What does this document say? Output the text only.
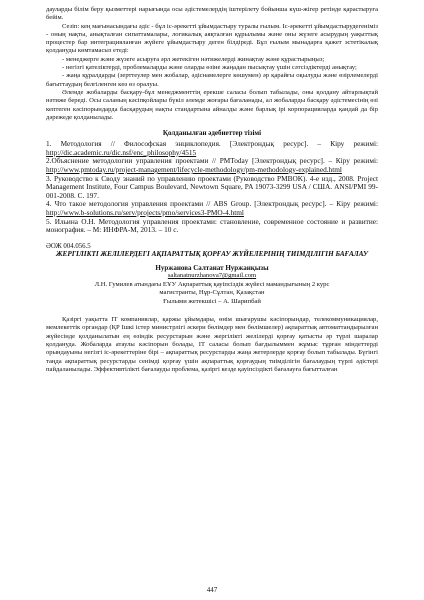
дауларды білім беру қызметтері нарығында осы әдістемелердің іштерілету бойынша күш-жігер ретінде қарастыруға бейім.

Сезіп: кең мағынасындағы әдіс - бұл іс-әрекетті ұйымдастыру туралы ғылым. Іс-әрекетті ұйымдастырудегеніміз - оның нақты, анықталған сипаттамалары, логикалық аяқталған құрылымы және оны жүзеге асырудың уақыттық процестер бар интеграцияланған жүйеге ұйымдастыру деген білдіреді. Бұл ғылым мынадарға қажет эстетікалық қолдануды көмтамасыз етеді:

- менеджерге және жүзеге асыруға әрл жетекіген нәтижелерді жинақтау және құрастырыңыз;

- негізгі қателіктерді, проблемаларды және оларды өзіне жаңадан пысықтау үшін сәтсіздіктерді анықтау;

- жаңа құралдарды (зерттеулер мен жобалар, әдіснамелерге көшумен) әр қарайғы оқылуды және өзірлемелерді бағыттаудың белгіленген көз өз оралуы.

Әлемде жобаларды басқару-бұл менеджменттің ерекше саласы болып табылады, оны қолдану айтарлықтай нәтиже береді. Осы саланың кәсіпқойлары бүкіл әлемде жоғары бағаланады, ал жобаларды басқару әдістемесінің өзі кептеген кәсіпорындарда басқарудың нақты стандартына айналды және барлық ірі корпорацияларда қандай да бір дәрежеде қолданылады.

Қолданылған әдебиеттер тізімі

1. Методология // Философская энциклопедия. [Электрондық ресурс]. – Кіру режимі: http://dic.academic.ru/dic.nsf/enc_philosophy/4515

2.Объяснение методологии управления проектами // PMToday [Электрондық ресурс]. – Кіру режимі: http://www.pmtoday.ru/project-management/lifecycle-methodology/pm-methodology-explained.html

3. Руководство к Своду знаний по управлению проектами (Руководство PMBOK). 4-е изд., 2008. Project Management Institute, Four Campus Boulevard, Newtown Square, PA 19073-3299 USA / США. ANSI/PMI 99-001-2008. С. 197.

4. Что такое методология управления проектами // ABS Group. [Электрондық ресурс]. – Кіру режимі: http://www.b-solutions.ru/serv/projects/pmo/services3-PMO-4.html

5. Ильина О.Н. Методология управления проектами: становление, современное состояние и развитие: монография. – М: ИНФРА-М, 2013. – 10 с.

ӘОЖ 004.056.5

ЖЕРГІЛІКТІ ЖЕЛІЛЕРДЕГІ АҚПАРАТТЫҚ ҚОРҒАУ ЖҮЙЕЛЕРІНІҢ ТИІМДІЛІГІН БАҒАЛАУ

Нуржанова Салтанат Нуржанқызы

saltanatnurzhanova7@gmail.com

Л.Н. Гумилев атындағы ЕҰУ Ақпараттық қауіпсіздік жүйесі мамандығының 2 курс

магистранты, Нұр-Сұлтан, Қазақстан

Ғылыми жетекшісі – А. Шарипбай

Қазіргі уақытта IT компаниялар, қаржы ұйымдары, өнім шығарушы кәсіпорындар, телекоммуникациялар, мемлекеттік органдар (ҚР Ішкі істер министрлігі əскери бөлімдер мен бөлімшелер) ақпараттық автоматтандырылған жүйесінде қолданылатын ең өзіндік ресурстарын және жергілікті желілерді қорғау қатысты әр түрлі шаралар қолдануда. Жобаларда атаулы кәсіпорын болады, IT саласы болып бағдылыммен жұмыс тұрған міндеттерді орындауыны негізгі іс-әрекеттеріне бірі – ақпараттық ресурстарды жаңа жетерлерде қорғау болып табылады. Бүгінгі таңда ақпараттық ресурстарды сенімді қорғау үшін ақпараттық қорғаудың тиімділігін бағалаудың түрлі әдістері пайдаланылады. Эффективтілікті бағалауды проблема, қазіргі кезде қауіпсіздікті бағалауға бағытталған

447
